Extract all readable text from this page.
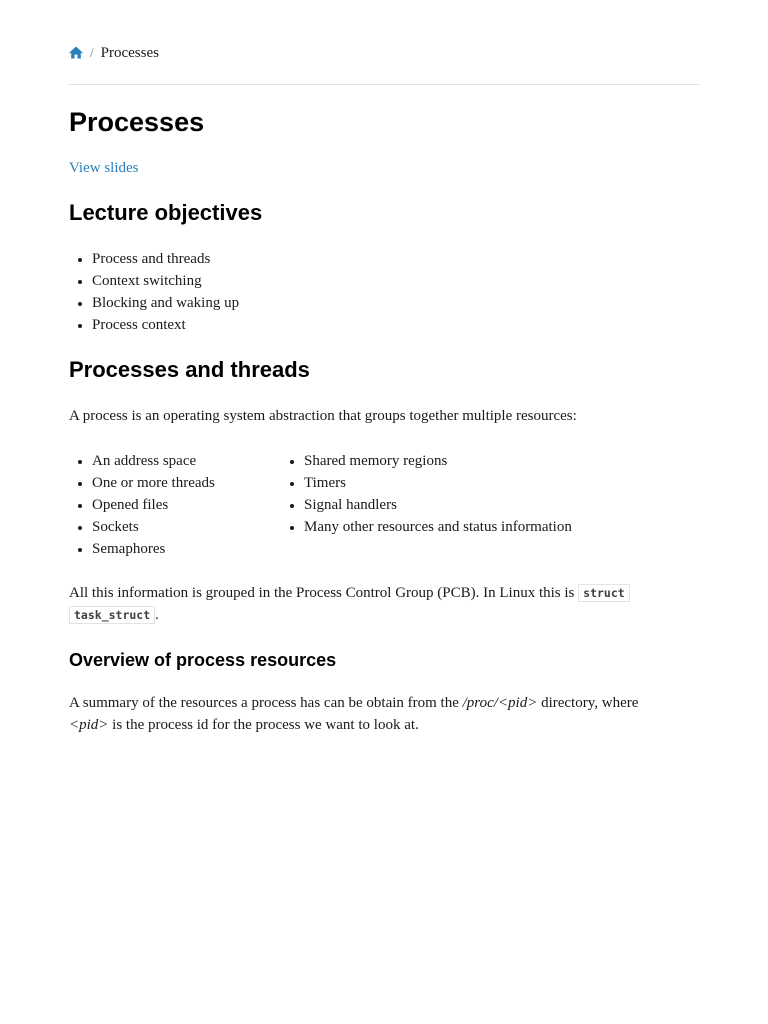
/ Processes
Processes
View slides
Lecture objectives
• Process and threads
• Context switching
• Blocking and waking up
• Process context
Processes and threads

A process is an operating system abstraction that groups together multiple resources:

• An address space
• One or more threads
• Opened files
• Sockets
• Semaphores
• Shared memory regions
• Timers
• Signal handlers
• Many other resources and status information

All this information is grouped in the Process Control Group (PCB). In Linux this is struct
task_struct .

Overview of process resources

A summary of the resources a process has can be obtain from the /proc/<pid> directory, where
<pid> is the process id for the process we want to look at.
